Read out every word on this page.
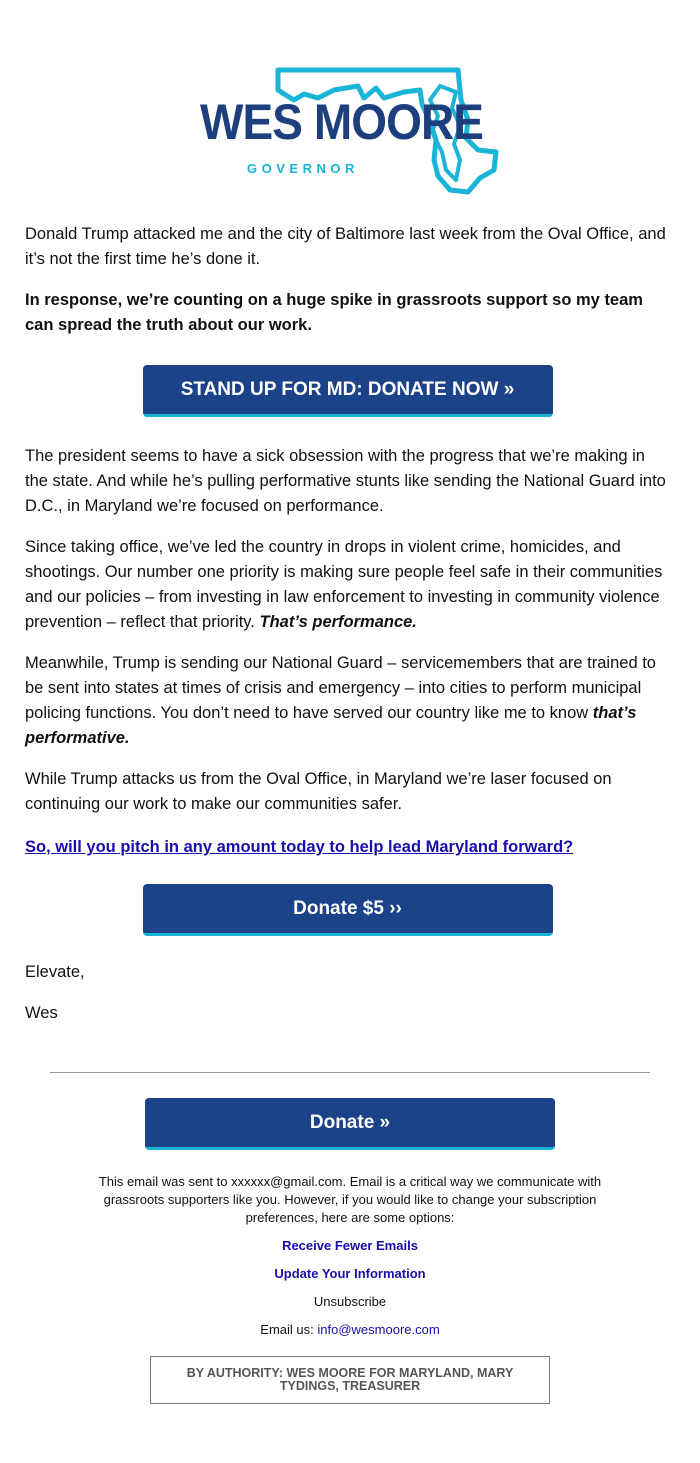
WES MOORE
GOVERNOR

Donald Trump attacked me and the city of Baltimore last week from the Oval Office, and it’s not the first time he’s done it.

In response, we’re counting on a huge spike in grassroots support so my team can spread the truth about our work.

STAND UP FOR MD: DONATE NOW »

The president seems to have a sick obsession with the progress that we’re making in the state. And while he’s pulling performative stunts like sending the National Guard into D.C., in Maryland we’re focused on performance.

Since taking office, we’ve led the country in drops in violent crime, homicides, and shootings. Our number one priority is making sure people feel safe in their communities and our policies – from investing in law enforcement to investing in community violence prevention – reflect that priority. That’s performance.

Meanwhile, Trump is sending our National Guard – servicemembers that are trained to be sent into states at times of crisis and emergency – into cities to perform municipal policing functions. You don’t need to have served our country like me to know that’s performative.

While Trump attacks us from the Oval Office, in Maryland we’re laser focused on continuing our work to make our communities safer.

So, will you pitch in any amount today to help lead Maryland forward?

Donate $5 ››

Elevate,

Wes

Donate »

This email was sent to xxxxxx@gmail.com. Email is a critical way we communicate with grassroots supporters like you. However, if you would like to change your subscription preferences, here are some options:

Receive Fewer Emails

Update Your Information

Unsubscribe

Email us: info@wesmoore.com

BY AUTHORITY: WES MOORE FOR MARYLAND, MARY TYDINGS, TREASURER
